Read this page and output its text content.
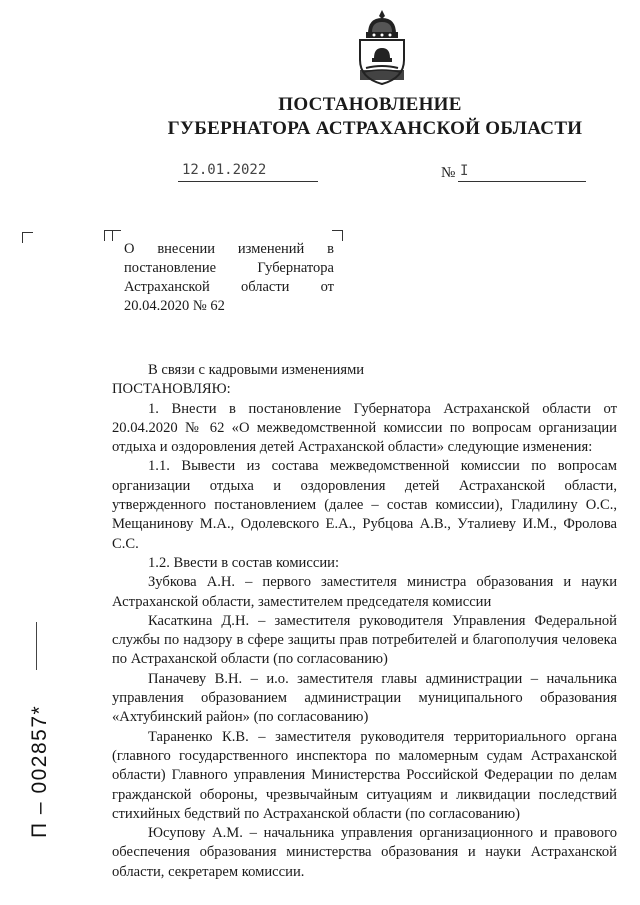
ПОСТАНОВЛЕНИЕ
ГУБЕРНАТОРА АСТРАХАНСКОЙ ОБЛАСТИ
12.01.2022	№ I
О внесении изменений в постановление Губернатора Астраханской области от 20.04.2020 № 62

В связи с кадровыми изменениями

ПОСТАНОВЛЯЮ:

1. Внести в постановление Губернатора Астраханской области от 20.04.2020 № 62 «О межведомственной комиссии по вопросам организации отдыха и оздоровления детей Астраханской области» следующие изменения:

1.1. Вывести из состава межведомственной комиссии по вопросам организации отдыха и оздоровления детей Астраханской области, утвержденного постановлением (далее – состав комиссии), Гладилину О.С., Мещанинову М.А., Одолевского Е.А., Рубцова А.В., Уталиеву И.М., Фролова С.С.

1.2. Ввести в состав комиссии:

Зубкова А.Н. – первого заместителя министра образования и науки Астраханской области, заместителем председателя комиссии

Касаткина Д.Н. – заместителя руководителя Управления Федеральной службы по надзору в сфере защиты прав потребителей и благополучия человека по Астраханской области (по согласованию)

Паначеву В.Н. – и.о. заместителя главы администрации – начальника управления образованием администрации муниципального образования «Ахтубинский район» (по согласованию)

Тараненко К.В. – заместителя руководителя территориального органа (главного государственного инспектора по маломерным судам Астраханской области) Главного управления Министерства Российской Федерации по делам гражданской обороны, чрезвычайным ситуациям и ликвидации последствий стихийных бедствий по Астраханской области (по согласованию)

Юсупову А.М. – начальника управления организационного и правового обеспечения образования министерства образования и науки Астраханской области, секретарем комиссии.

П – 002857*
